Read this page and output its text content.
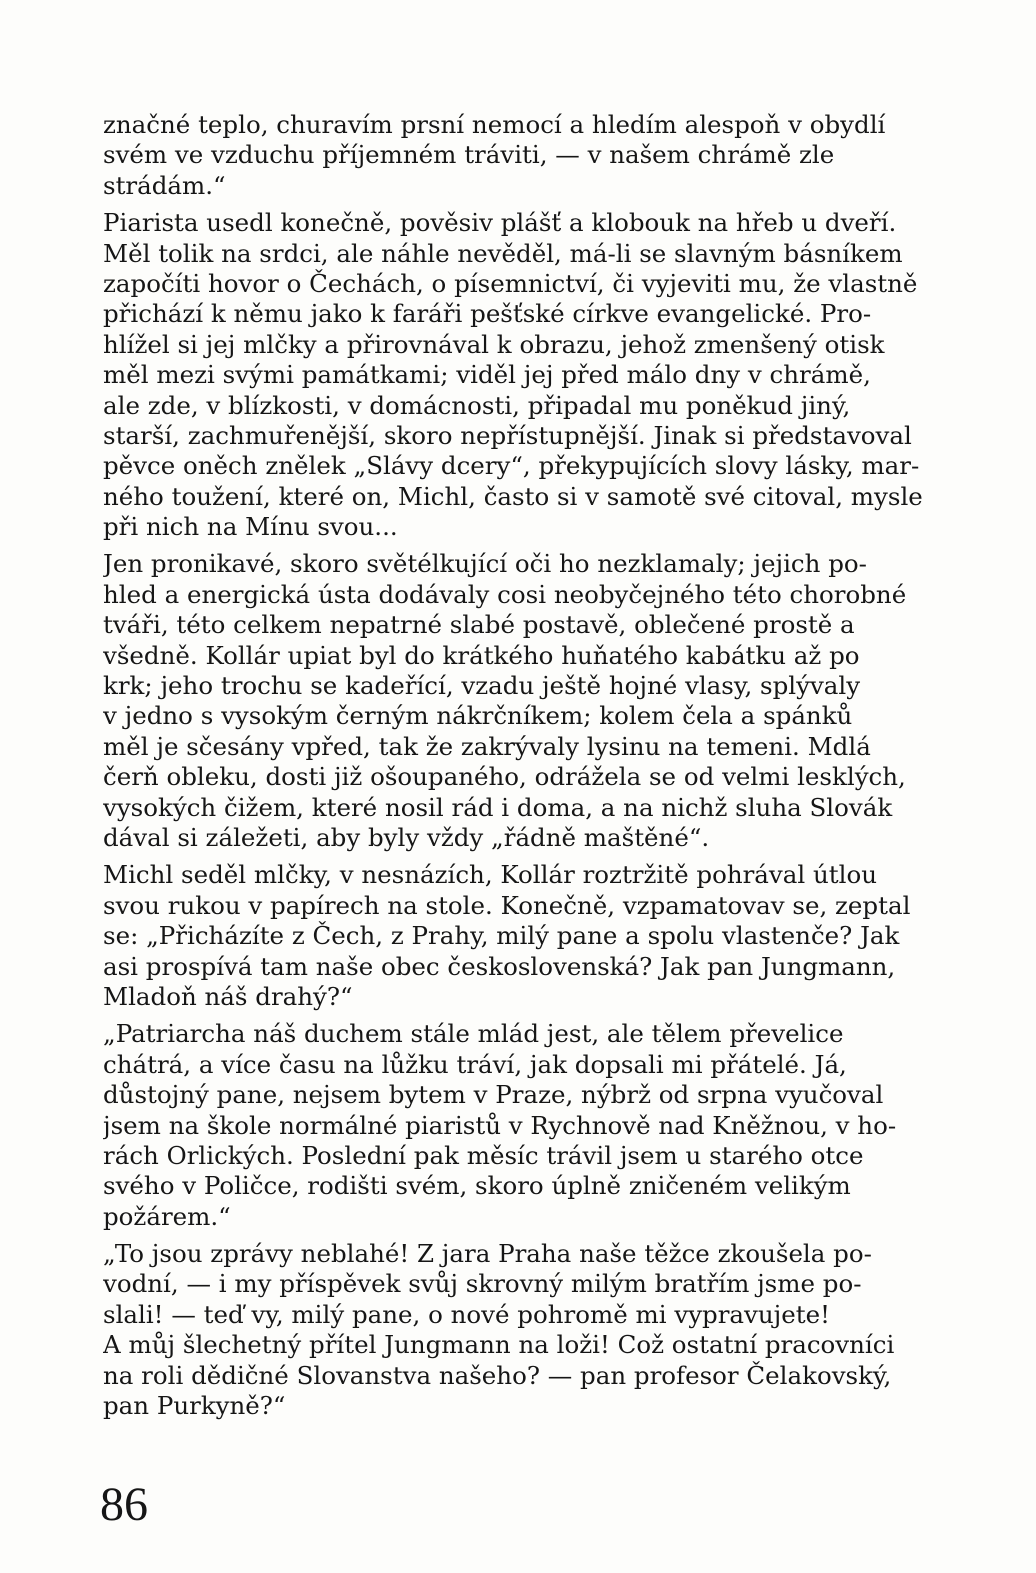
značné teplo, churavím prsní nemocí a hledím alespoň v obydlí
svém ve vzduchu příjemném tráviti, — v našem chrámě zle
strádám.“

Piarista usedl konečně, pověsiv plášť a klobouk na hřeb u dveří.
Měl tolik na srdci, ale náhle nevěděl, má-li se slavným básníkem
započíti hovor o Čechách, o písemnictví, či vyjeviti mu, že vlastně
přichází k němu jako k faráři pešťské církve evangelické. Pro-
hlížel si jej mlčky a přirovnával k obrazu, jehož zmenšený otisk
měl mezi svými památkami; viděl jej před málo dny v chrámě,
ale zde, v blízkosti, v domácnosti, připadal mu poněkud jiný,
starší, zachmuřenější, skoro nepřístupnější. Jinak si představoval
pěvce oněch znělek „Slávy dcery“, překypujících slovy lásky, mar-
ného toužení, které on, Michl, často si v samotě své citoval, mysle
při nich na Mínu svou...

Jen pronikavé, skoro světélkující oči ho nezklamaly; jejich po-
hled a energická ústa dodávaly cosi neobyčejného této chorobné
tváři, této celkem nepatrné slabé postavě, oblečené prostě a
všedně. Kollár upiat byl do krátkého huňatého kabátku až po
krk; jeho trochu se kadeřící, vzadu ještě hojné vlasy, splývaly
v jedno s vysokým černým nákrčníkem; kolem čela a spánků
měl je sčesány vpřed, tak že zakrývaly lysinu na temeni. Mdlá
čerň obleku, dosti již ošoupaného, odrážela se od velmi lesklých,
vysokých čižem, které nosil rád i doma, a na nichž sluha Slovák
dával si záležeti, aby byly vždy „řádně maštěné“.

Michl seděl mlčky, v nesnázích, Kollár roztržitě pohrával útlou
svou rukou v papírech na stole. Konečně, vzpamatovav se, zeptal
se: „Přicházíte z Čech, z Prahy, milý pane a spolu vlastenče? Jak
asi prospívá tam naše obec československá? Jak pan Jungmann,
Mladoň náš drahý?“

„Patriarcha náš duchem stále mlád jest, ale tělem převelice
chátrá, a více času na lůžku tráví, jak dopsali mi přátelé. Já,
důstojný pane, nejsem bytem v Praze, nýbrž od srpna vyučoval
jsem na škole normálné piaristů v Rychnově nad Kněžnou, v ho-
rách Orlických. Poslední pak měsíc trávil jsem u starého otce
svého v Poličce, rodišti svém, skoro úplně zničeném velikým
požárem.“

„To jsou zprávy neblahé! Z jara Praha naše těžce zkoušela po-
vodní, — i my příspěvek svůj skrovný milým bratřím jsme po-
slali! — teď vy, milý pane, o nové pohromě mi vypravujete!
A můj šlechetný přítel Jungmann na loži! Což ostatní pracovníci
na roli dědičné Slovanstva našeho? — pan profesor Čelakovský,
pan Purkyně?“

86
